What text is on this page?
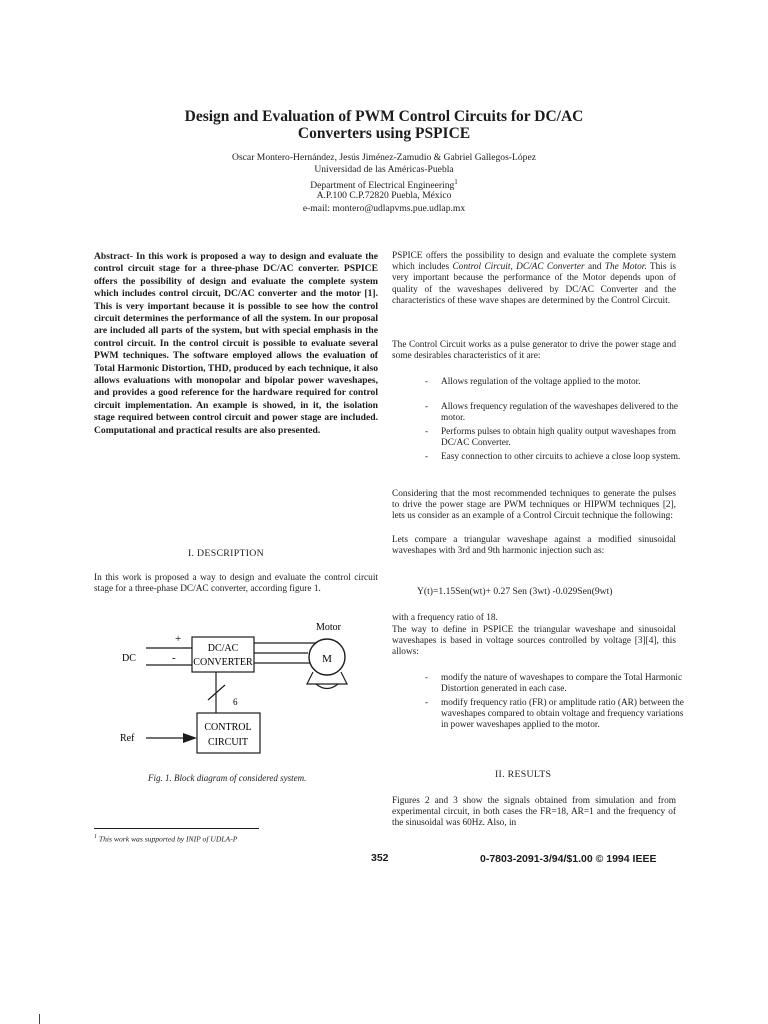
Design and Evaluation of PWM Control Circuits for DC/AC
Converters using PSPICE
Oscar Montero-Hernández, Jesús Jiménez-Zamudio & Gabriel Gallegos-López
Universidad de las Américas-Puebla
Department of Electrical Engineering$^1$
A.P.100 C.P.72820 Puebla, México
e-mail: montero@udlapvms.pue.udlap.mx
Abstract- In this work is proposed a way to design and evaluate the control circuit stage for a three-phase DC/AC converter. PSPICE offers the possibility of design and evaluate the complete system which includes control circuit, DC/AC converter and the motor [1]. This is very important because it is possible to see how the control circuit determines the performance of all the system. In our proposal are included all parts of the system, but with special emphasis in the control circuit. In the control circuit is possible to evaluate several PWM techniques. The software employed allows the evaluation of Total Harmonic Distortion, THD, produced by each technique, it also allows evaluations with monopolar and bipolar power waveshapes, and provides a good reference for the hardware required for control circuit implementation. An example is showed, in it, the isolation stage required between control circuit and power stage are included. Computational and practical results are also presented.
I. DESCRIPTION
In this work is proposed a way to design and evaluate the control circuit stage for a three-phase DC/AC converter, according figure 1.
+
-
DC
DC/AC
CONVERTER
Motor
M
6
CONTROL
CIRCUIT
Ref
Fig. 1. Block diagram of considered system.
$^1$ This work was supported by INIP of UDLA-P
PSPICE offers the possibility to design and evaluate the complete system which includes Control Circuit, DC/AC Converter and The Motor. This is very important because the performance of the Motor depends upon of quality of the waveshapes delivered by DC/AC Converter and the characteristics of these wave shapes are determined by the Control Circuit.
The Control Circuit works as a pulse generator to drive the power stage and some desirables characteristics of it are:
- Allows regulation of the voltage applied to the motor.
- Allows frequency regulation of the waveshapes delivered to the motor.
- Performs pulses to obtain high quality output waveshapes from DC/AC Converter.
- Easy connection to other circuits to achieve a close loop system.
Considering that the most recommended techniques to generate the pulses to drive the power stage are PWM techniques or HIPWM techniques [2], lets us consider as an example of a Control Circuit technique the following:
Lets compare a triangular waveshape against a modified sinusoidal waveshapes with 3rd and 9th harmonic injection such as:
Y(t)=1.15Sen(wt)+ 0.27 Sen (3wt) -0.029Sen(9wt)
with a frequency ratio of 18.
The way to define in PSPICE the triangular waveshape and sinusoidal waveshapes is based in voltage sources controlled by voltage [3][4], this allows:
- modify the nature of waveshapes to compare the Total Harmonic Distortion generated in each case.
- modify frequency ratio (FR) or amplitude ratio (AR) between the waveshapes compared to obtain voltage and frequency variations in power waveshapes applied to the motor.
II. RESULTS
Figures 2 and 3 show the signals obtained from simulation and from experimental circuit, in both cases the FR=18, AR=1 and the frequency of the sinusoidal was 60Hz. Also, in
352	0-7803-2091-3/94/$1.00 © 1994 IEEE
